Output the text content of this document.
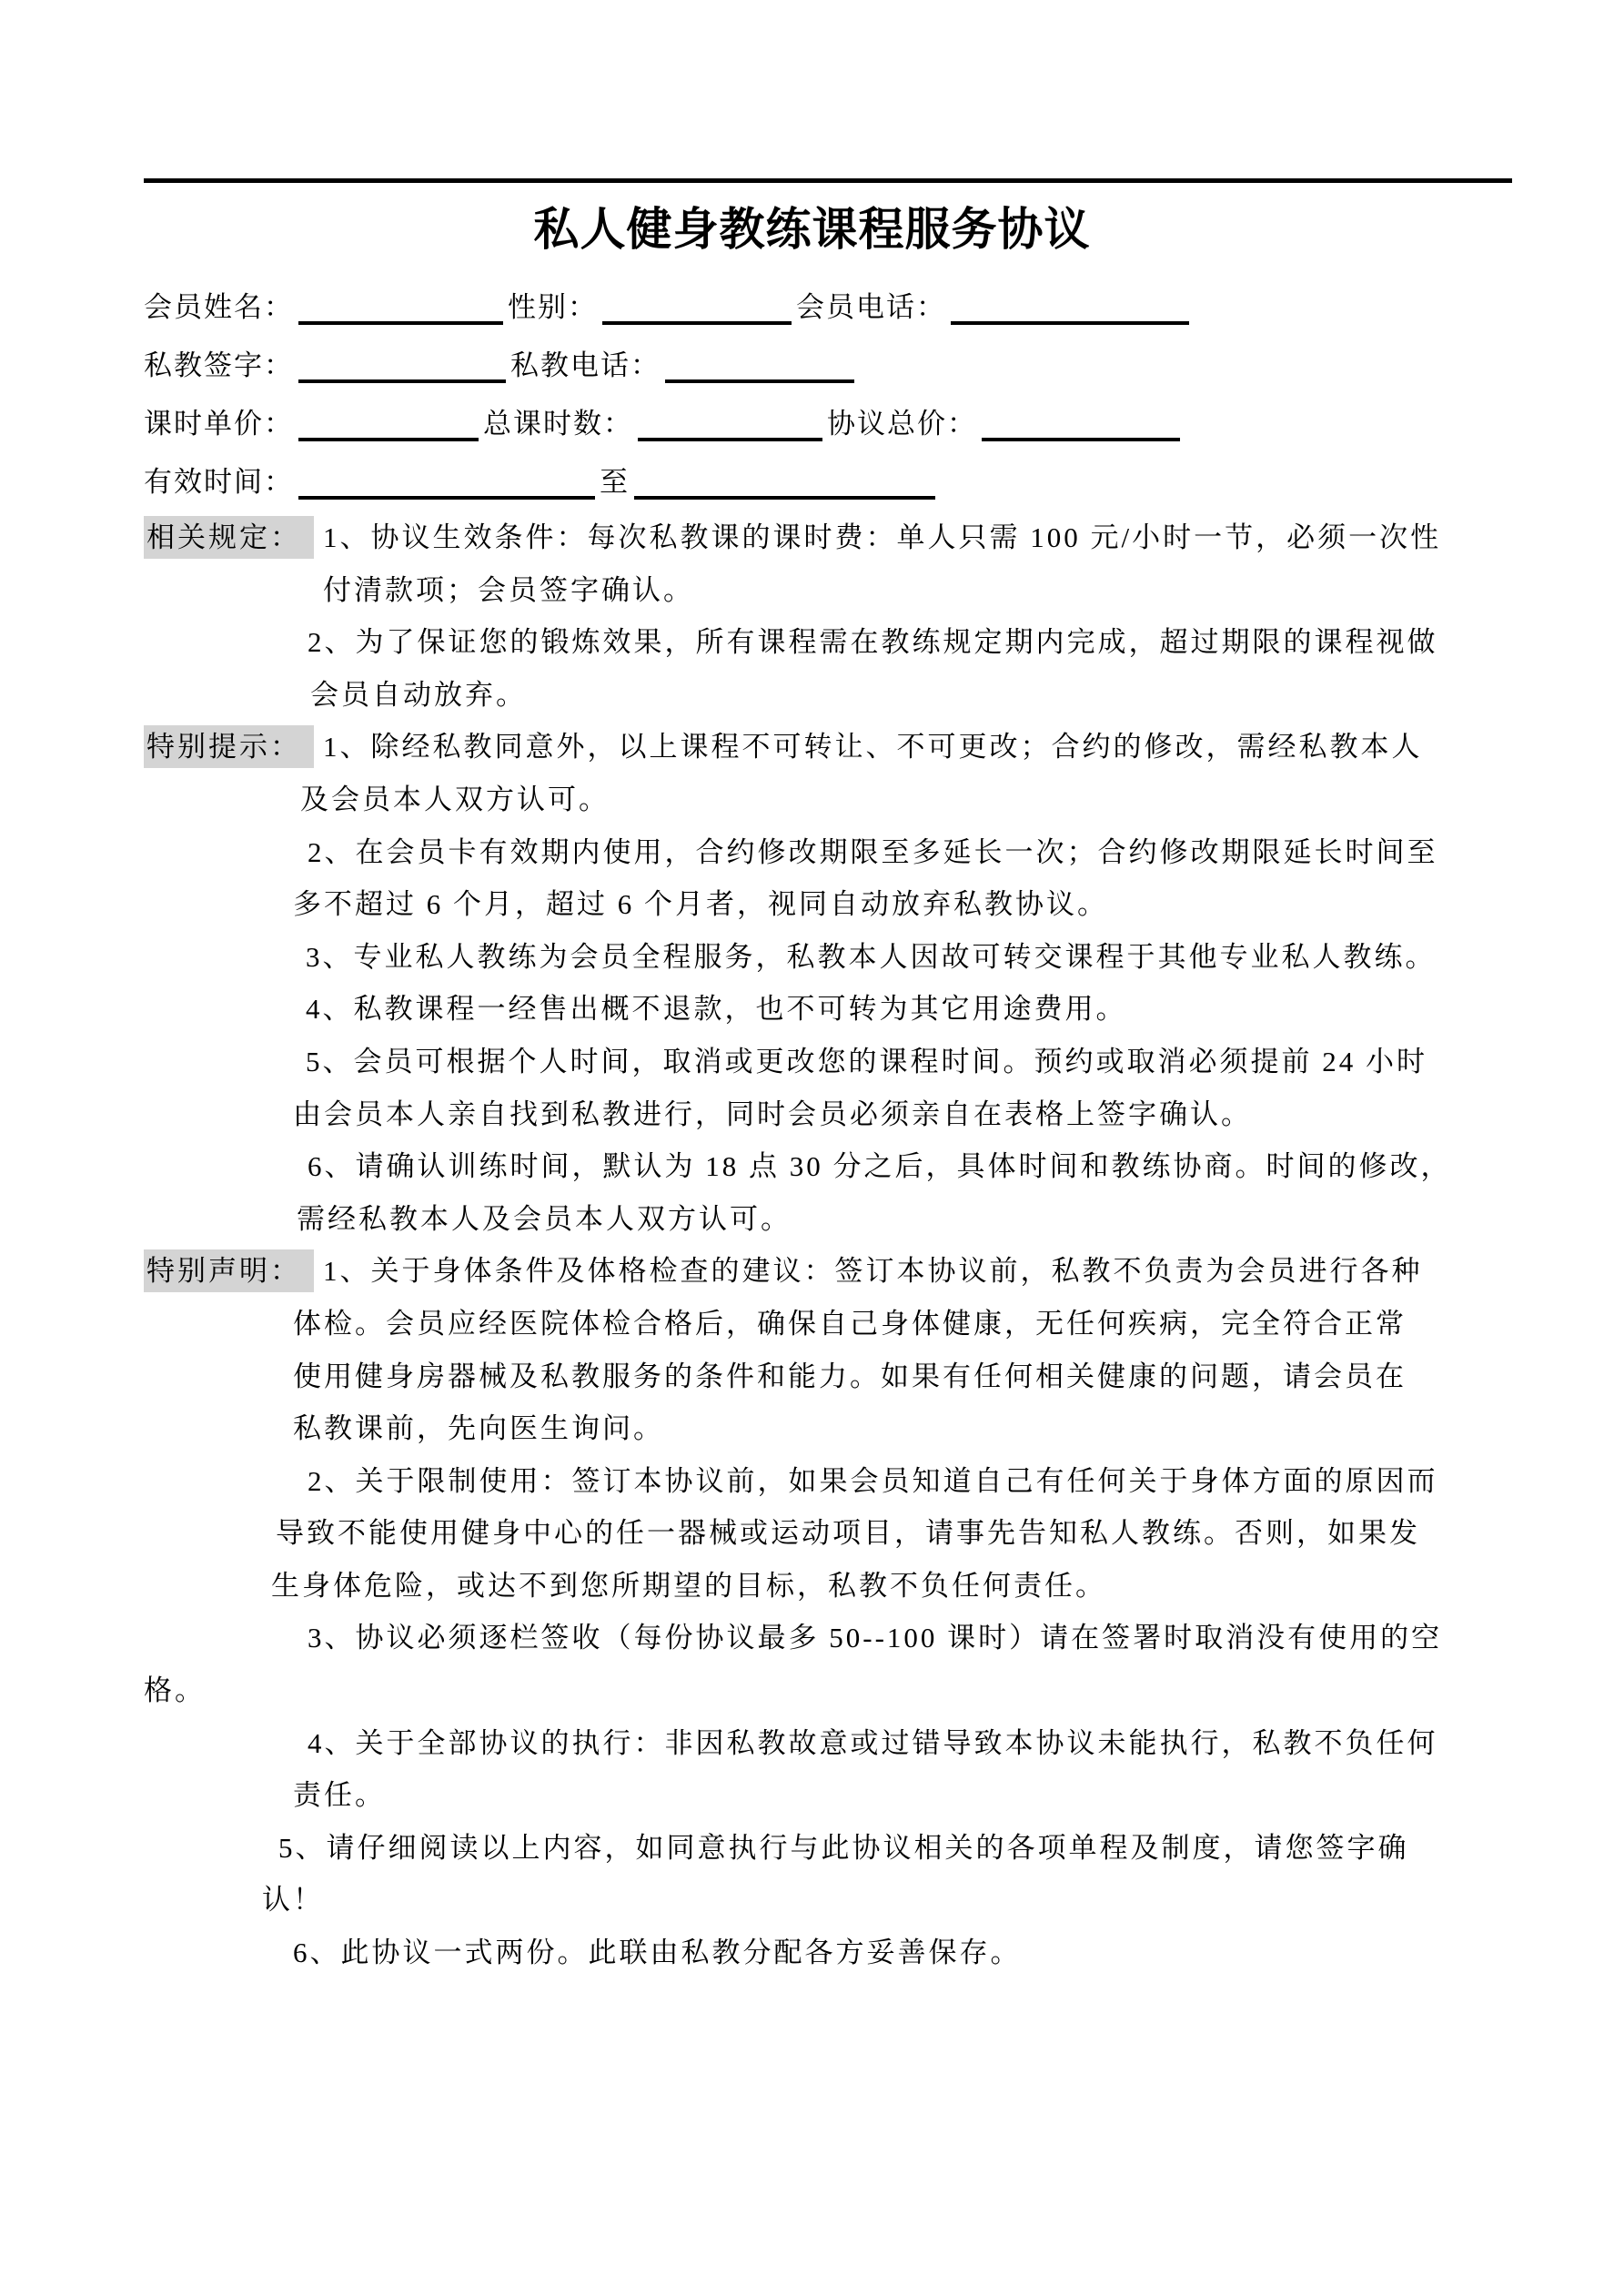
私人健身教练课程服务协议
会员姓名：	性别：	会员电话：
私教签字：	私教电话：
课时单价：	总课时数：	协议总价：
有效时间：	至
相关规定： 1、协议生效条件：每次私教课的课时费：单人只需 100 元/小时一节，必须一次性
付清款项；会员签字确认。
2、为了保证您的锻炼效果，所有课程需在教练规定期内完成，超过期限的课程视做
会员自动放弃。
特别提示： 1、除经私教同意外，以上课程不可转让、不可更改；合约的修改，需经私教本人
及会员本人双方认可。
2、在会员卡有效期内使用，合约修改期限至多延长一次；合约修改期限延长时间至
多不超过 6 个月，超过 6 个月者，视同自动放弃私教协议。
3、专业私人教练为会员全程服务，私教本人因故可转交课程于其他专业私人教练。
4、私教课程一经售出概不退款，也不可转为其它用途费用。
5、会员可根据个人时间，取消或更改您的课程时间。预约或取消必须提前 24 小时
由会员本人亲自找到私教进行，同时会员必须亲自在表格上签字确认。
6、请确认训练时间，默认为 18 点 30 分之后，具体时间和教练协商。时间的修改，
需经私教本人及会员本人双方认可。
特别声明： 1、关于身体条件及体格检查的建议：签订本协议前，私教不负责为会员进行各种
体检。会员应经医院体检合格后，确保自己身体健康，无任何疾病，完全符合正常
使用健身房器械及私教服务的条件和能力。如果有任何相关健康的问题，请会员在
私教课前，先向医生询问。
2、关于限制使用：签订本协议前，如果会员知道自己有任何关于身体方面的原因而
导致不能使用健身中心的任一器械或运动项目，请事先告知私人教练。否则，如果发
生身体危险，或达不到您所期望的目标，私教不负任何责任。
3、协议必须逐栏签收（每份协议最多 50--100 课时）请在签署时取消没有使用的空
格。
4、关于全部协议的执行：非因私教故意或过错导致本协议未能执行，私教不负任何
责任。
5、请仔细阅读以上内容，如同意执行与此协议相关的各项单程及制度，请您签字确
认！
6、此协议一式两份。此联由私教分配各方妥善保存。
